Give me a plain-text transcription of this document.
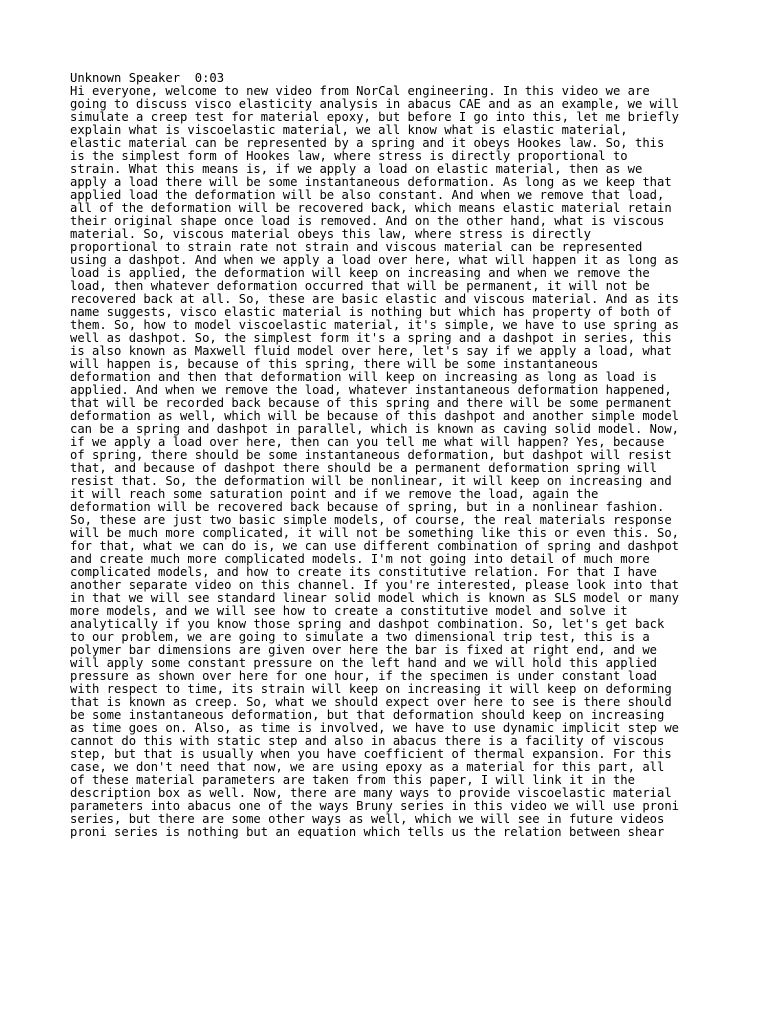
Unknown Speaker  0:03
Hi everyone, welcome to new video from NorCal engineering. In this video we are
going to discuss visco elasticity analysis in abacus CAE and as an example, we will
simulate a creep test for material epoxy, but before I go into this, let me briefly
explain what is viscoelastic material, we all know what is elastic material,
elastic material can be represented by a spring and it obeys Hookes law. So, this
is the simplest form of Hookes law, where stress is directly proportional to
strain. What this means is, if we apply a load on elastic material, then as we
apply a load there will be some instantaneous deformation. As long as we keep that
applied load the deformation will be also constant. And when we remove that load,
all of the deformation will be recovered back, which means elastic material retain
their original shape once load is removed. And on the other hand, what is viscous
material. So, viscous material obeys this law, where stress is directly
proportional to strain rate not strain and viscous material can be represented
using a dashpot. And when we apply a load over here, what will happen it as long as
load is applied, the deformation will keep on increasing and when we remove the
load, then whatever deformation occurred that will be permanent, it will not be
recovered back at all. So, these are basic elastic and viscous material. And as its
name suggests, visco elastic material is nothing but which has property of both of
them. So, how to model viscoelastic material, it's simple, we have to use spring as
well as dashpot. So, the simplest form it's a spring and a dashpot in series, this
is also known as Maxwell fluid model over here, let's say if we apply a load, what
will happen is, because of this spring, there will be some instantaneous
deformation and then that deformation will keep on increasing as long as load is
applied. And when we remove the load, whatever instantaneous deformation happened,
that will be recorded back because of this spring and there will be some permanent
deformation as well, which will be because of this dashpot and another simple model
can be a spring and dashpot in parallel, which is known as caving solid model. Now,
if we apply a load over here, then can you tell me what will happen? Yes, because
of spring, there should be some instantaneous deformation, but dashpot will resist
that, and because of dashpot there should be a permanent deformation spring will
resist that. So, the deformation will be nonlinear, it will keep on increasing and
it will reach some saturation point and if we remove the load, again the
deformation will be recovered back because of spring, but in a nonlinear fashion.
So, these are just two basic simple models, of course, the real materials response
will be much more complicated, it will not be something like this or even this. So,
for that, what we can do is, we can use different combination of spring and dashpot
and create much more complicated models. I'm not going into detail of much more
complicated models, and how to create its constitutive relation. For that I have
another separate video on this channel. If you're interested, please look into that
in that we will see standard linear solid model which is known as SLS model or many
more models, and we will see how to create a constitutive model and solve it
analytically if you know those spring and dashpot combination. So, let's get back
to our problem, we are going to simulate a two dimensional trip test, this is a
polymer bar dimensions are given over here the bar is fixed at right end, and we
will apply some constant pressure on the left hand and we will hold this applied
pressure as shown over here for one hour, if the specimen is under constant load
with respect to time, its strain will keep on increasing it will keep on deforming
that is known as creep. So, what we should expect over here to see is there should
be some instantaneous deformation, but that deformation should keep on increasing
as time goes on. Also, as time is involved, we have to use dynamic implicit step we
cannot do this with static step and also in abacus there is a facility of viscous
step, but that is usually when you have coefficient of thermal expansion. For this
case, we don't need that now, we are using epoxy as a material for this part, all
of these material parameters are taken from this paper, I will link it in the
description box as well. Now, there are many ways to provide viscoelastic material
parameters into abacus one of the ways Bruny series in this video we will use proni
series, but there are some other ways as well, which we will see in future videos
proni series is nothing but an equation which tells us the relation between shear
